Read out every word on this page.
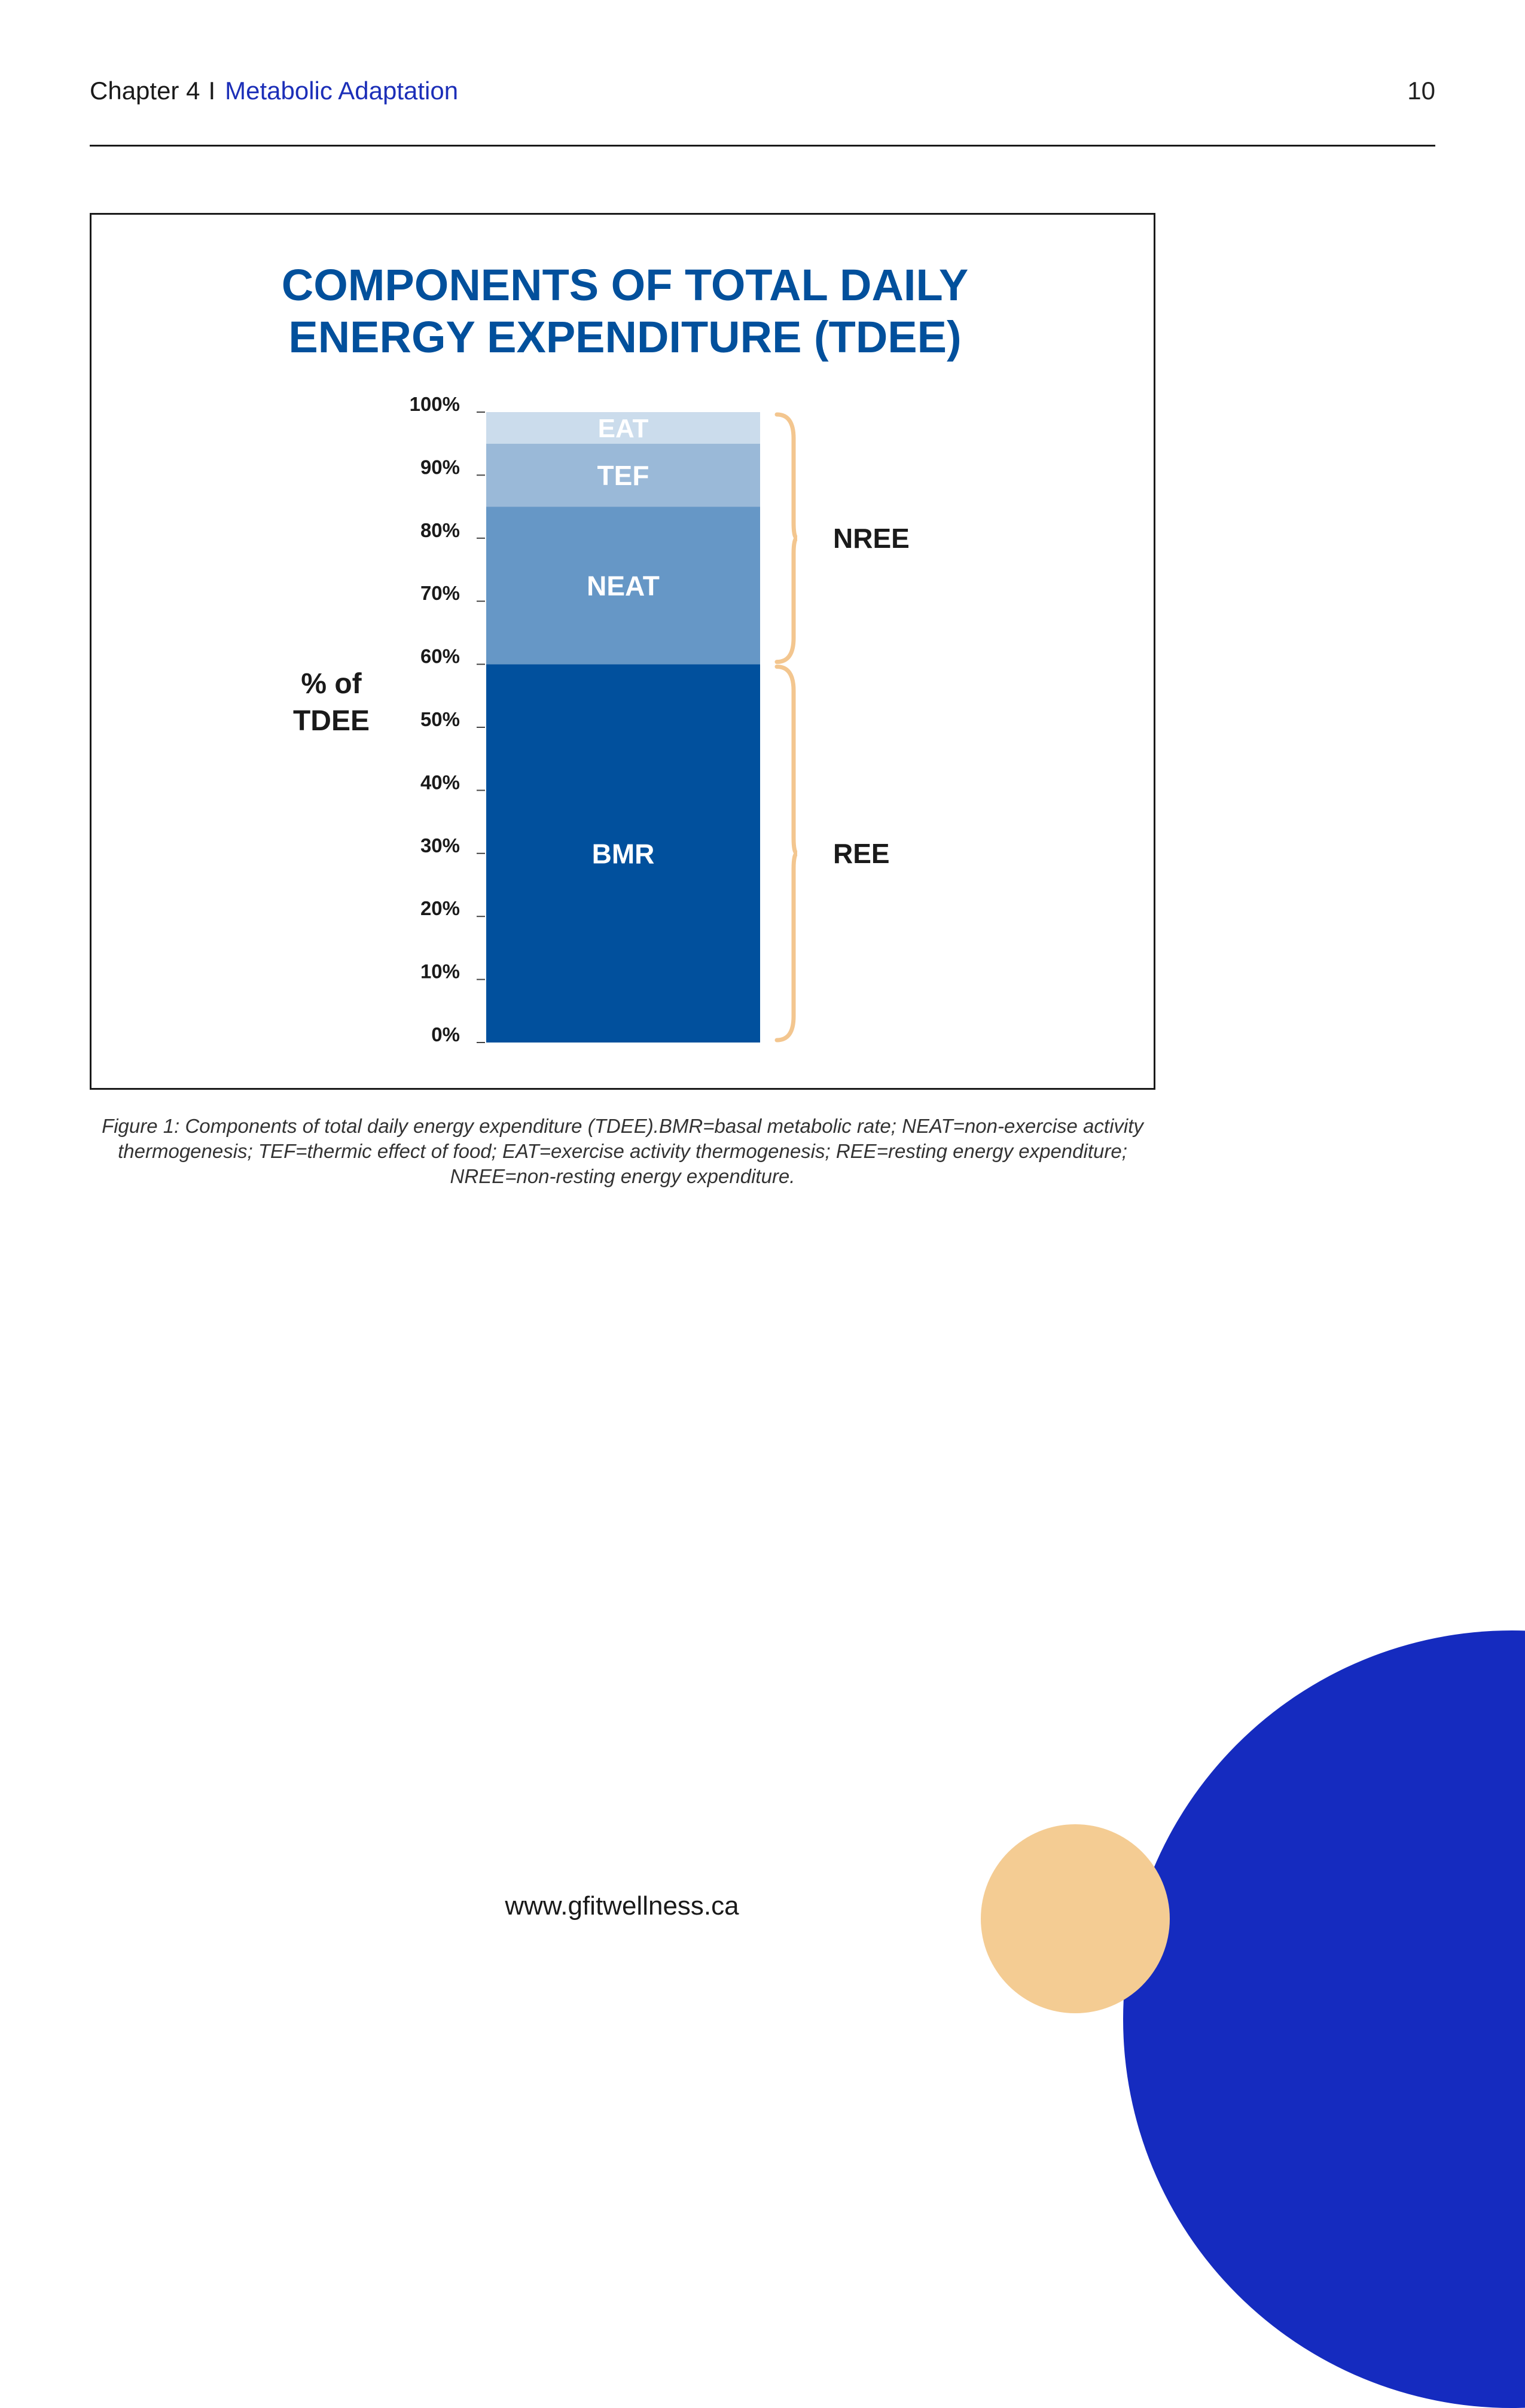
Chapter 4 I Metabolic Adaptation	10
COMPONENTS OF TOTAL DAILY
ENERGY EXPENDITURE (TDEE)
% of
TDEE
0%
10%
20%
30%
40%
50%
60%
70%
80%
90%
100%
BMR
NEAT
TEF
EAT
REE
NREE
Figure 1: Components of total daily energy expenditure (TDEE).BMR=basal metabolic rate; NEAT=non-exercise activity thermogenesis; TEF=thermic effect of food; EAT=exercise activity thermogenesis; REE=resting energy expenditure; NREE=non-resting energy expenditure.
www.gfitwellness.ca
